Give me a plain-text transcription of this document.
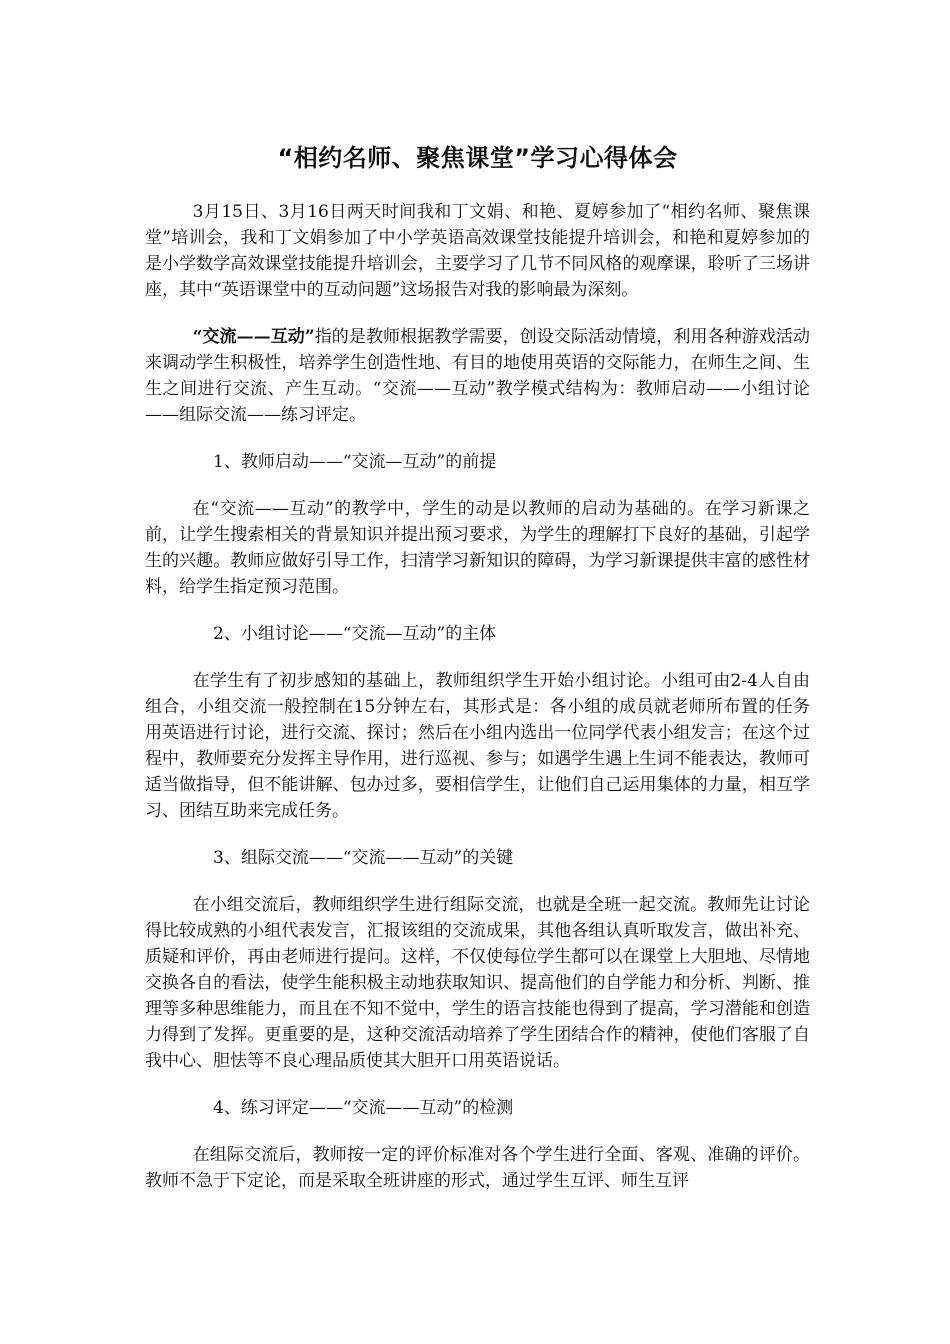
“相约名师、聚焦课堂”学习心得体会

3月15日、3月16日两天时间我和丁文娟、和艳、夏婷参加了“相约名师、聚焦课堂”培训会，我和丁文娟参加了中小学英语高效课堂技能提升培训会，和艳和夏婷参加的是小学数学高效课堂技能提升培训会，主要学习了几节不同风格的观摩课，聆听了三场讲座，其中“英语课堂中的互动问题”这场报告对我的影响最为深刻。

“交流——互动”指的是教师根据教学需要，创设交际活动情境，利用各种游戏活动来调动学生积极性，培养学生创造性地、有目的地使用英语的交际能力，在师生之间、生生之间进行交流、产生互动。“交流——互动”教学模式结构为：教师启动——小组讨论——组际交流——练习评定。

1、教师启动——“交流—互动”的前提

在“交流——互动”的教学中，学生的动是以教师的启动为基础的。在学习新课之前，让学生搜索相关的背景知识并提出预习要求，为学生的理解打下良好的基础，引起学生的兴趣。教师应做好引导工作，扫清学习新知识的障碍，为学习新课提供丰富的感性材料，给学生指定预习范围。

2、小组讨论——“交流—互动”的主体

在学生有了初步感知的基础上，教师组织学生开始小组讨论。小组可由2-4人自由组合，小组交流一般控制在15分钟左右，其形式是：各小组的成员就老师所布置的任务用英语进行讨论，进行交流、探讨；然后在小组内选出一位同学代表小组发言；在这个过程中，教师要充分发挥主导作用，进行巡视、参与；如遇学生遇上生词不能表达，教师可适当做指导，但不能讲解、包办过多，要相信学生，让他们自己运用集体的力量，相互学习、团结互助来完成任务。

3、组际交流——“交流——互动”的关键

在小组交流后，教师组织学生进行组际交流，也就是全班一起交流。教师先让讨论得比较成熟的小组代表发言，汇报该组的交流成果，其他各组认真听取发言，做出补充、质疑和评价，再由老师进行提问。这样，不仅使每位学生都可以在课堂上大胆地、尽情地交换各自的看法，使学生能积极主动地获取知识、提高他们的自学能力和分析、判断、推理等多种思维能力，而且在不知不觉中，学生的语言技能也得到了提高，学习潜能和创造力得到了发挥。更重要的是，这种交流活动培养了学生团结合作的精神，使他们客服了自我中心、胆怯等不良心理品质使其大胆开口用英语说话。

4、练习评定——“交流——互动”的检测

在组际交流后，教师按一定的评价标准对各个学生进行全面、客观、准确的评价。教师不急于下定论，而是采取全班讲座的形式，通过学生互评、师生互评
